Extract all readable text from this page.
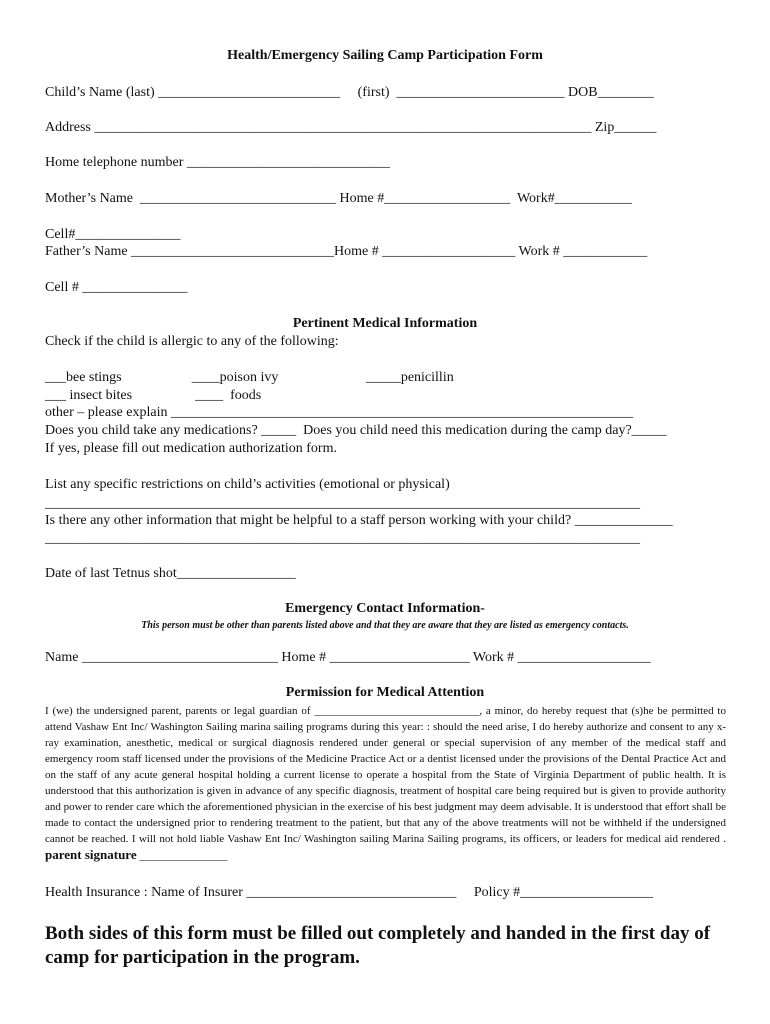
Health/Emergency Sailing Camp Participation Form
Child’s Name (last) __________________________     (first)  ________________________ DOB________
Address _______________________________________________________________________ Zip______
Home telephone number _____________________________
Mother’s Name  ____________________________ Home #__________________  Work#___________
Cell#_______________
Father’s Name _____________________________Home # ___________________ Work # ____________
Cell # _______________
Pertinent Medical Information
Check if the child is allergic to any of the following:
___bee stings                    ____poison ivy                         _____penicillin
___ insect bites                  ____  foods
other – please explain __________________________________________________________________
Does you child take any medications? _____  Does you child need this medication during the camp day?_____
If yes, please fill out medication authorization form.
List any specific restrictions on child’s activities (emotional or physical)
_____________________________________________________________________________________
Is there any other information that might be helpful to a staff person working with your child? ______________
_____________________________________________________________________________________
Date of last Tetnus shot_________________
Emergency Contact Information-
This person must be other than parents listed above and that they are aware that they are listed as emergency contacts.
Name ____________________________ Home # ____________________ Work # ___________________
Permission for Medical Attention
I (we) the undersigned parent, parents or legal guardian of ______________________________, a minor, do hereby request that (s)he be permitted to attend Vashaw Ent Inc/ Washington Sailing marina sailing programs during this year: : should the need arise, I do hereby authorize and consent to any x-ray examination, anesthetic, medical or surgical diagnosis rendered under general or special supervision of any member of the medical staff and emergency room staff licensed under the provisions of the Medicine Practice Act or a dentist licensed under the provisions of the Dental Practice Act and on the staff of any acute general hospital holding a current license to operate a hospital from the State of Virginia Department of public health. It is understood that this authorization is given in advance of any specific diagnosis, treatment of hospital care being required but is given to provide authority and power to render care which the aforementioned physician in the exercise of his best judgment may deem advisable. It is understood that effort shall be made to contact the undersigned prior to rendering treatment to the patient, but that any of the above treatments will not be withheld if the undersigned cannot be reached. I will not hold liable Vashaw Ent Inc/ Washington sailing Marina Sailing programs, its officers, or leaders for medical aid rendered . parent signature ________________
Health Insurance : Name of Insurer ______________________________     Policy #___________________
Both sides of this form must be filled out completely and handed in the first day of camp for participation in the program.
